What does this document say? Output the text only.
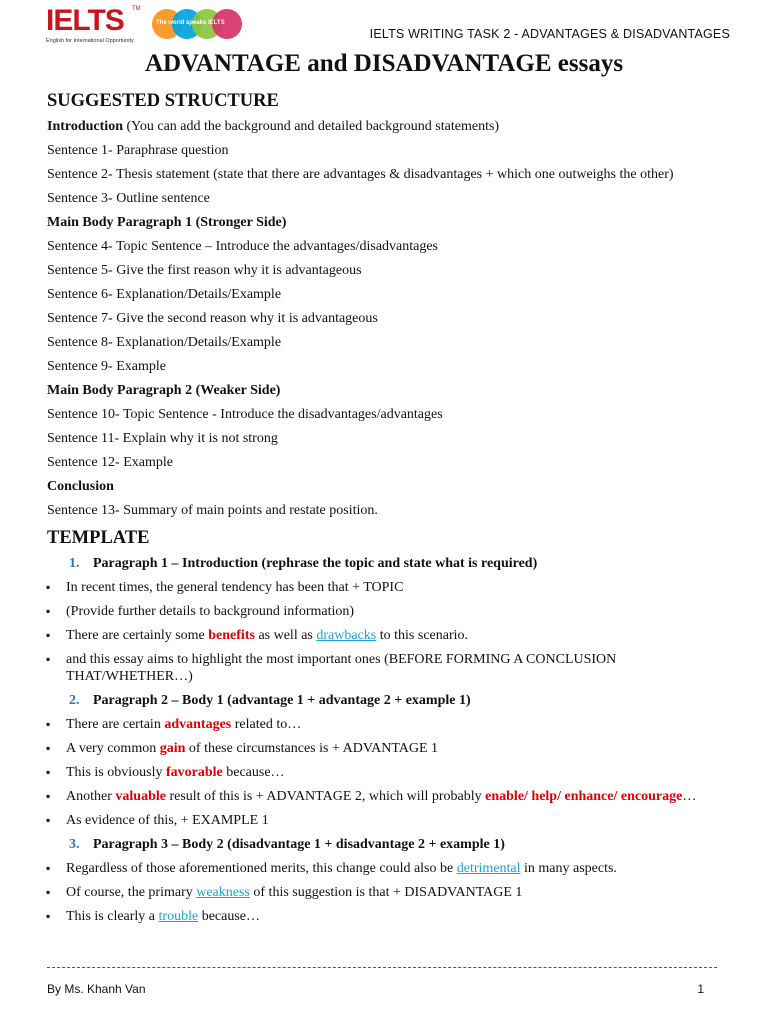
IELTS TM
The world speaks IELTS
English for International Opportunity	IELTS WRITING TASK 2 - ADVANTAGES & DISADVANTAGES
ADVANTAGE and DISADVANTAGE essays
SUGGESTED STRUCTURE
Introduction (You can add the background and detailed background statements)
Sentence 1- Paraphrase question
Sentence 2- Thesis statement (state that there are advantages & disadvantages + which one outweighs the other)
Sentence 3- Outline sentence
Main Body Paragraph 1 (Stronger Side)
Sentence 4- Topic Sentence – Introduce the advantages/disadvantages
Sentence 5- Give the first reason why it is advantageous
Sentence 6- Explanation/Details/Example
Sentence 7- Give the second reason why it is advantageous
Sentence 8- Explanation/Details/Example
Sentence 9- Example
Main Body Paragraph 2 (Weaker Side)
Sentence 10- Topic Sentence - Introduce the disadvantages/advantages
Sentence 11- Explain why it is not strong
Sentence 12- Example
Conclusion
Sentence 13- Summary of main points and restate position.
TEMPLATE
1. Paragraph 1 – Introduction (rephrase the topic and state what is required)
▪ In recent times, the general tendency has been that + TOPIC
▪ (Provide further details to background information)
▪ There are certainly some benefits as well as drawbacks to this scenario.
▪ and this essay aims to highlight the most important ones (BEFORE FORMING A CONCLUSION THAT/WHETHER…)
2. Paragraph 2 – Body 1 (advantage 1 + advantage 2 + example 1)
▪ There are certain advantages related to…
▪ A very common gain of these circumstances is + ADVANTAGE 1
▪ This is obviously favorable because…
▪ Another valuable result of this is + ADVANTAGE 2, which will probably enable/ help/ enhance/ encourage…
▪ As evidence of this, + EXAMPLE 1
3. Paragraph 3 – Body 2 (disadvantage 1 + disadvantage 2 + example 1)
▪ Regardless of those aforementioned merits, this change could also be detrimental in many aspects.
▪ Of course, the primary weakness of this suggestion is that + DISADVANTAGE 1
▪ This is clearly a trouble because…
By Ms. Khanh Van	1
